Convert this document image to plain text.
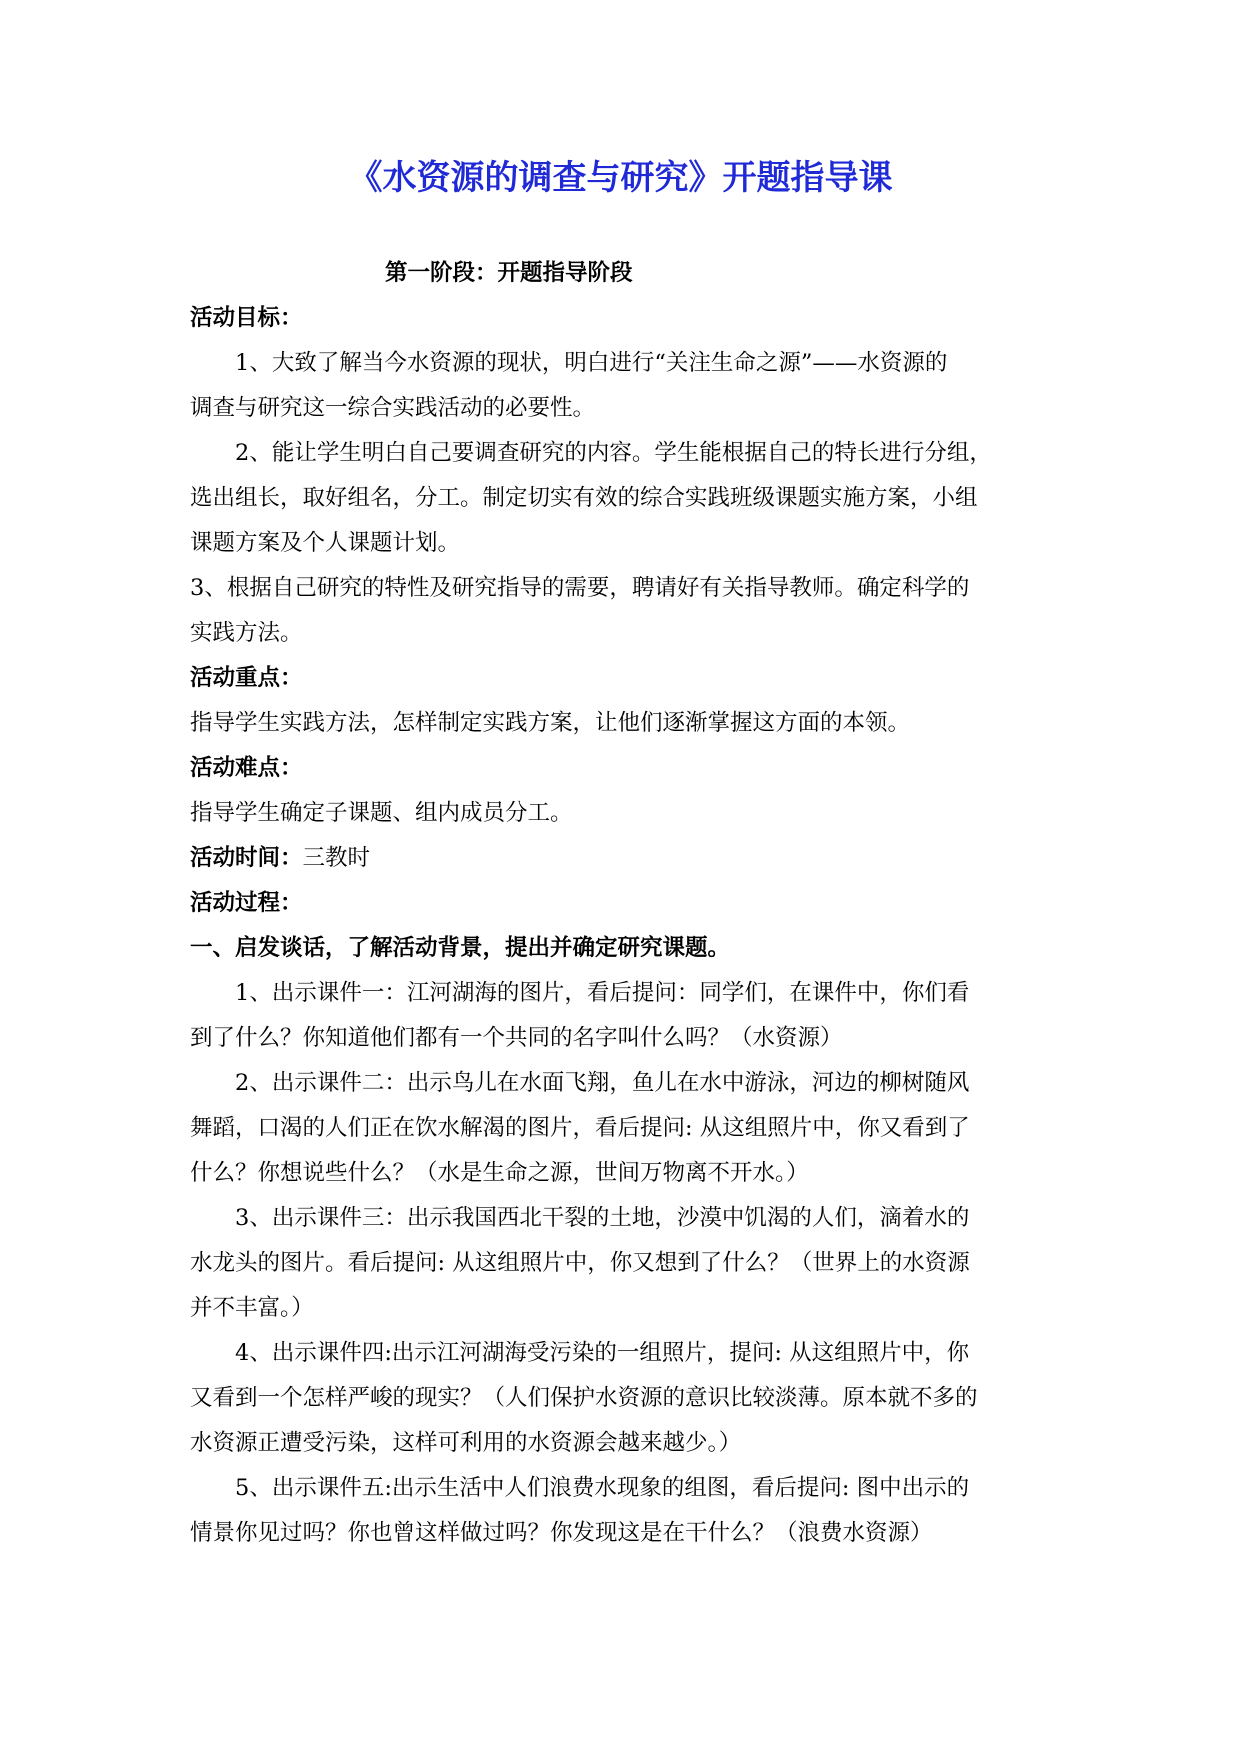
《水资源的调查与研究》开题指导课
第一阶段：开题指导阶段
活动目标：
1、大致了解当今水资源的现状，明白进行“关注生命之源”——水资源的
调查与研究这一综合实践活动的必要性。
2、能让学生明白自己要调查研究的内容。学生能根据自己的特长进行分组，
选出组长，取好组名，分工。制定切实有效的综合实践班级课题实施方案，小组
课题方案及个人课题计划。
3、根据自己研究的特性及研究指导的需要，聘请好有关指导教师。确定科学的
实践方法。
活动重点：
指导学生实践方法，怎样制定实践方案，让他们逐渐掌握这方面的本领。
活动难点：
指导学生确定子课题、组内成员分工。
活动时间：三教时
活动过程：
一、启发谈话，了解活动背景，提出并确定研究课题。
1、出示课件一：江河湖海的图片，看后提问：同学们，在课件中，你们看
到了什么？你知道他们都有一个共同的名字叫什么吗？（水资源）
2、出示课件二：出示鸟儿在水面飞翔，鱼儿在水中游泳，河边的柳树随风
舞蹈，口渴的人们正在饮水解渴的图片，看后提问: 从这组照片中，你又看到了
什么？你想说些什么？（水是生命之源，世间万物离不开水。）
3、出示课件三：出示我国西北干裂的土地，沙漠中饥渴的人们，滴着水的
水龙头的图片。看后提问: 从这组照片中，你又想到了什么？（世界上的水资源
并不丰富。）
4、出示课件四:出示江河湖海受污染的一组照片，提问: 从这组照片中，你
又看到一个怎样严峻的现实？（人们保护水资源的意识比较淡薄。原本就不多的
水资源正遭受污染，这样可利用的水资源会越来越少。）
5、出示课件五:出示生活中人们浪费水现象的组图，看后提问: 图中出示的
情景你见过吗？你也曾这样做过吗？你发现这是在干什么？（浪费水资源）
